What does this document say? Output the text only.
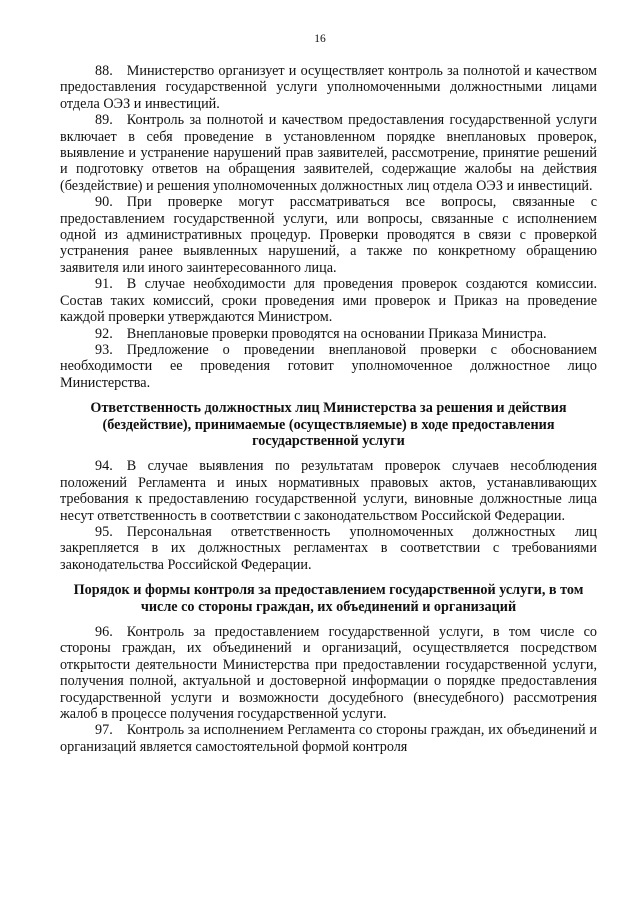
16

88. Министерство организует и осуществляет контроль за полнотой и качеством предоставления государственной услуги уполномоченными должностными лицами отдела ОЭЗ и инвестиций.

89. Контроль за полнотой и качеством предоставления государственной услуги включает в себя проведение в установленном порядке внеплановых проверок, выявление и устранение нарушений прав заявителей, рассмотрение, принятие решений и подготовку ответов на обращения заявителей, содержащие жалобы на действия (бездействие) и решения уполномоченных должностных лиц отдела ОЭЗ и инвестиций.

90. При проверке могут рассматриваться все вопросы, связанные с предоставлением государственной услуги, или вопросы, связанные с исполнением одной из административных процедур. Проверки проводятся в связи с проверкой устранения ранее выявленных нарушений, а также по конкретному обращению заявителя или иного заинтересованного лица.

91. В случае необходимости для проведения проверок создаются комиссии. Состав таких комиссий, сроки проведения ими проверок и Приказ на проведение каждой проверки утверждаются Министром.

92. Внеплановые проверки проводятся на основании Приказа Министра.

93. Предложение о проведении внеплановой проверки с обоснованием необходимости ее проведения готовит уполномоченное должностное лицо Министерства.

Ответственность должностных лиц Министерства за решения и действия (бездействие), принимаемые (осуществляемые) в ходе предоставления государственной услуги

94. В случае выявления по результатам проверок случаев несоблюдения положений Регламента и иных нормативных правовых актов, устанавливающих требования к предоставлению государственной услуги, виновные должностные лица несут ответственность в соответствии с законодательством Российской Федерации.

95. Персональная ответственность уполномоченных должностных лиц закрепляется в их должностных регламентах в соответствии с требованиями законодательства Российской Федерации.

Порядок и формы контроля за предоставлением государственной услуги, в том числе со стороны граждан, их объединений и организаций

96. Контроль за предоставлением государственной услуги, в том числе со стороны граждан, их объединений и организаций, осуществляется посредством открытости деятельности Министерства при предоставлении государственной услуги, получения полной, актуальной и достоверной информации о порядке предоставления государственной услуги и возможности досудебного (внесудебного) рассмотрения жалоб в процессе получения государственной услуги.

97. Контроль за исполнением Регламента со стороны граждан, их объединений и организаций является самостоятельной формой контроля
